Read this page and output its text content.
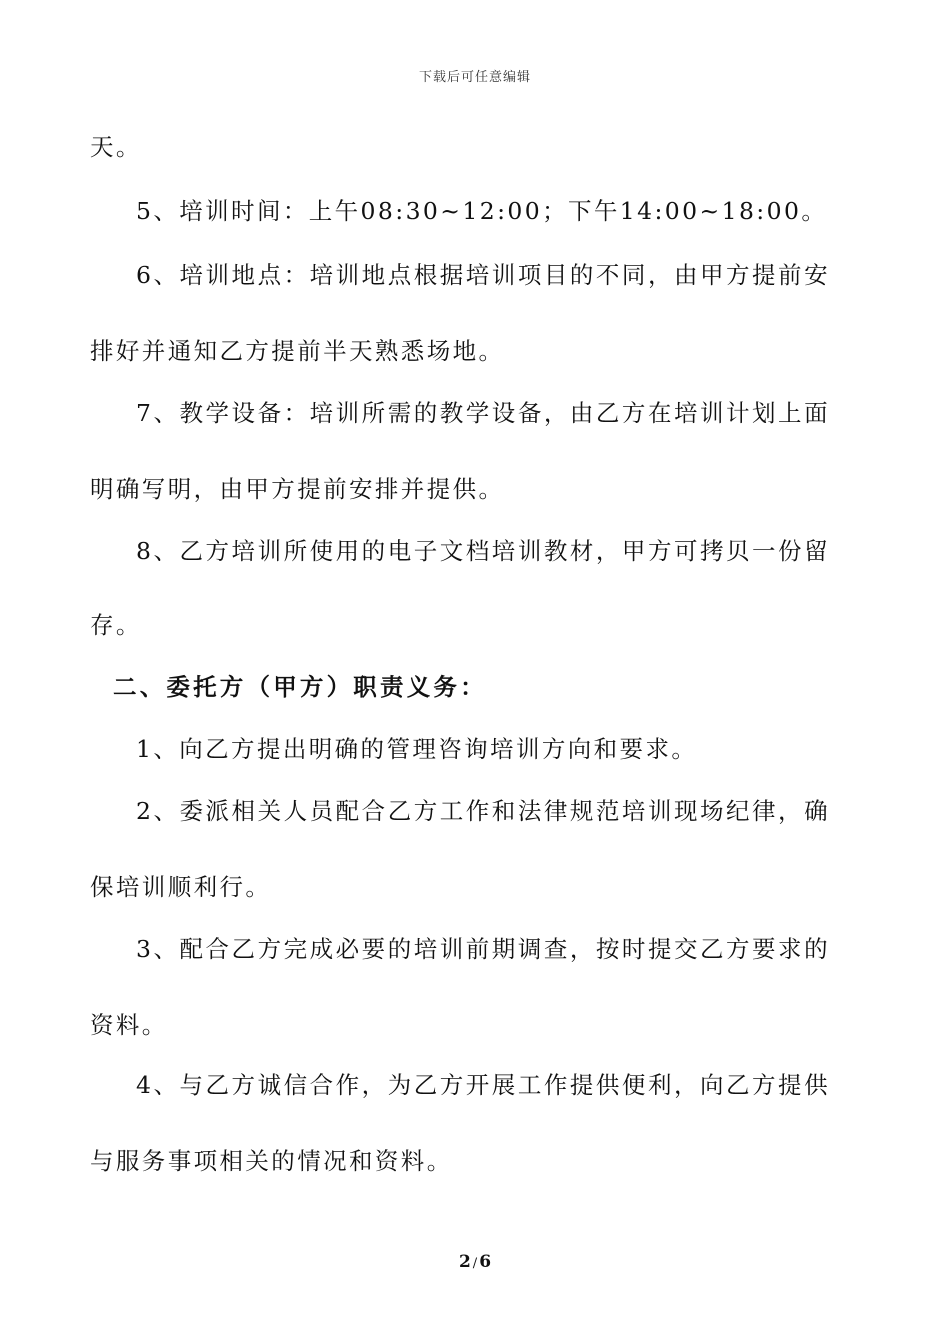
下载后可任意编辑
天。
5、培训时间：上午08:30~12:00；下午14:00~18:00。
6、培训地点：培训地点根据培训项目的不同，由甲方提前安
排好并通知乙方提前半天熟悉场地。
7、教学设备：培训所需的教学设备，由乙方在培训计划上面
明确写明，由甲方提前安排并提供。
8、乙方培训所使用的电子文档培训教材，甲方可拷贝一份留
存。
二、委托方（甲方）职责义务：
1、向乙方提出明确的管理咨询培训方向和要求。
2、委派相关人员配合乙方工作和法律规范培训现场纪律，确
保培训顺利行。
3、配合乙方完成必要的培训前期调查，按时提交乙方要求的
资料。
4、与乙方诚信合作，为乙方开展工作提供便利，向乙方提供
与服务事项相关的情况和资料。
2 / 6
